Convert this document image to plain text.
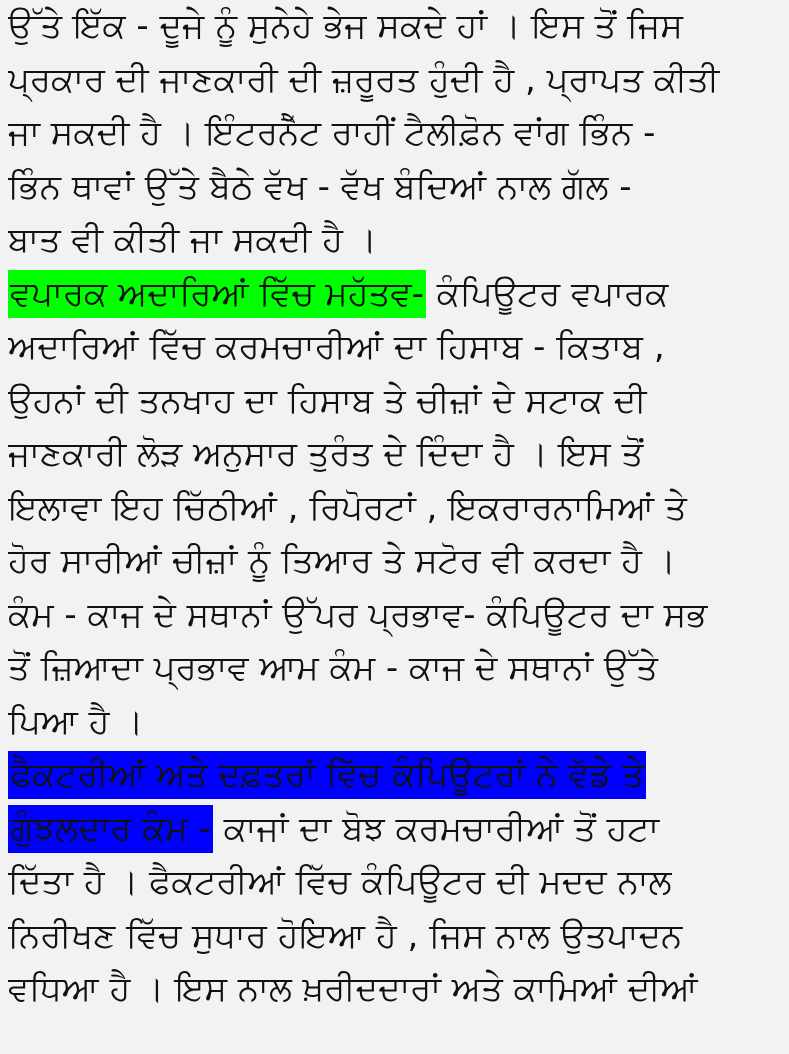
ਉੱਤੇ ਇੱਕ - ਦੂਜੇ ਨੂੰ ਸੁਨੇਹੇ ਭੇਜ ਸਕਦੇ ਹਾਂ । ਇਸ ਤੋਂ ਜਿਸ
ਪ੍ਰਕਾਰ ਦੀ ਜਾਣਕਾਰੀ ਦੀ ਜ਼ਰੂਰਤ ਹੁੰਦੀ ਹੈ , ਪ੍ਰਾਪਤ ਕੀਤੀ
ਜਾ ਸਕਦੀ ਹੈ । ਇੰਟਰਨੈੱਟ ਰਾਹੀਂ ਟੈਲੀਫ਼ੋਨ ਵਾਂਗ ਭਿੰਨ -
ਭਿੰਨ ਥਾਵਾਂ ਉੱਤੇ ਬੈਠੇ ਵੱਖ - ਵੱਖ ਬੰਦਿਆਂ ਨਾਲ ਗੱਲ -
ਬਾਤ ਵੀ ਕੀਤੀ ਜਾ ਸਕਦੀ ਹੈ ।
ਵਪਾਰਕ ਅਦਾਰਿਆਂ ਵਿੱਚ ਮਹੱਤਵ- ਕੰਪਿਊਟਰ ਵਪਾਰਕ
ਅਦਾਰਿਆਂ ਵਿੱਚ ਕਰਮਚਾਰੀਆਂ ਦਾ ਹਿਸਾਬ - ਕਿਤਾਬ ,
ਉਹਨਾਂ ਦੀ ਤਨਖਾਹ ਦਾ ਹਿਸਾਬ ਤੇ ਚੀਜ਼ਾਂ ਦੇ ਸਟਾਕ ਦੀ
ਜਾਣਕਾਰੀ ਲੋੜ ਅਨੁਸਾਰ ਤੁਰੰਤ ਦੇ ਦਿੰਦਾ ਹੈ । ਇਸ ਤੋਂ
ਇਲਾਵਾ ਇਹ ਚਿੱਠੀਆਂ , ਰਿਪੋਰਟਾਂ , ਇਕਰਾਰਨਾਮਿਆਂ ਤੇ
ਹੋਰ ਸਾਰੀਆਂ ਚੀਜ਼ਾਂ ਨੂੰ ਤਿਆਰ ਤੇ ਸਟੋਰ ਵੀ ਕਰਦਾ ਹੈ ।
ਕੰਮ - ਕਾਜ ਦੇ ਸਥਾਨਾਂ ਉੱਪਰ ਪ੍ਰਭਾਵ- ਕੰਪਿਊਟਰ ਦਾ ਸਭ
ਤੋਂ ਜ਼ਿਆਦਾ ਪ੍ਰਭਾਵ ਆਮ ਕੰਮ - ਕਾਜ ਦੇ ਸਥਾਨਾਂ ਉੱਤੇ
ਪਿਆ ਹੈ ।
ਫੈਕਟਰੀਆਂ ਅਤੇ ਦਫ਼ਤਰਾਂ ਵਿੱਚ ਕੰਪਿਊਟਰਾਂ ਨੇ ਵੱਡੇ ਤੇ
ਗੁੰਝਲਦਾਰ ਕੰਮ - ਕਾਜਾਂ ਦਾ ਬੋਝ ਕਰਮਚਾਰੀਆਂ ਤੋਂ ਹਟਾ
ਦਿੱਤਾ ਹੈ । ਫੈਕਟਰੀਆਂ ਵਿੱਚ ਕੰਪਿਊਟਰ ਦੀ ਮਦਦ ਨਾਲ
ਨਿਰੀਖਣ ਵਿੱਚ ਸੁਧਾਰ ਹੋਇਆ ਹੈ , ਜਿਸ ਨਾਲ ਉਤਪਾਦਨ
ਵਧਿਆ ਹੈ । ਇਸ ਨਾਲ ਖ਼ਰੀਦਦਾਰਾਂ ਅਤੇ ਕਾਮਿਆਂ ਦੀਆਂ
